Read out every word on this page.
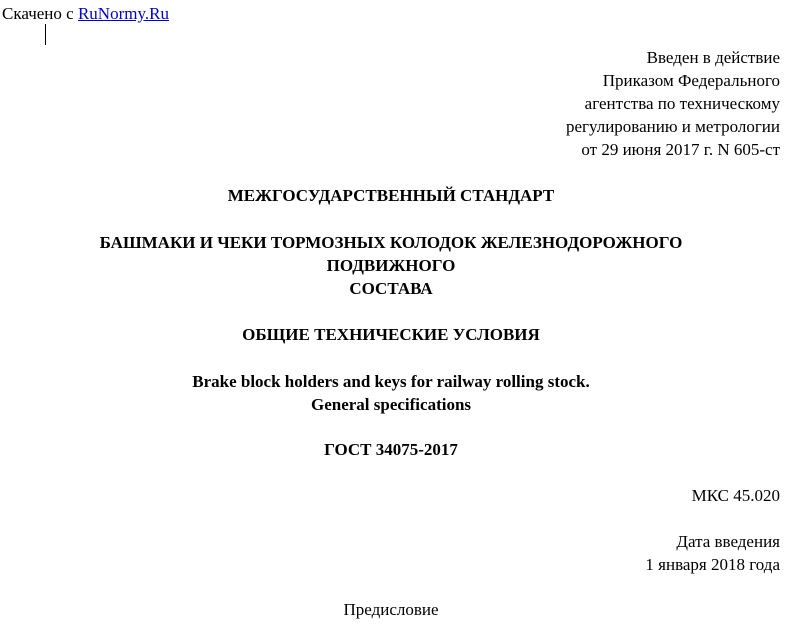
Скачено с RuNormy.Ru
Введен в действие
Приказом Федерального
агентства по техническому
регулированию и метрологии
от 29 июня 2017 г. N 605-ст
МЕЖГОСУДАРСТВЕННЫЙ СТАНДАРТ
БАШМАКИ И ЧЕКИ ТОРМОЗНЫХ КОЛОДОК ЖЕЛЕЗНОДОРОЖНОГО
ПОДВИЖНОГО
СОСТАВА
ОБЩИЕ ТЕХНИЧЕСКИЕ УСЛОВИЯ
Brake block holders and keys for railway rolling stock.
General specifications
ГОСТ 34075-2017
МКС 45.020
Дата введения
1 января 2018 года
Предисловие
